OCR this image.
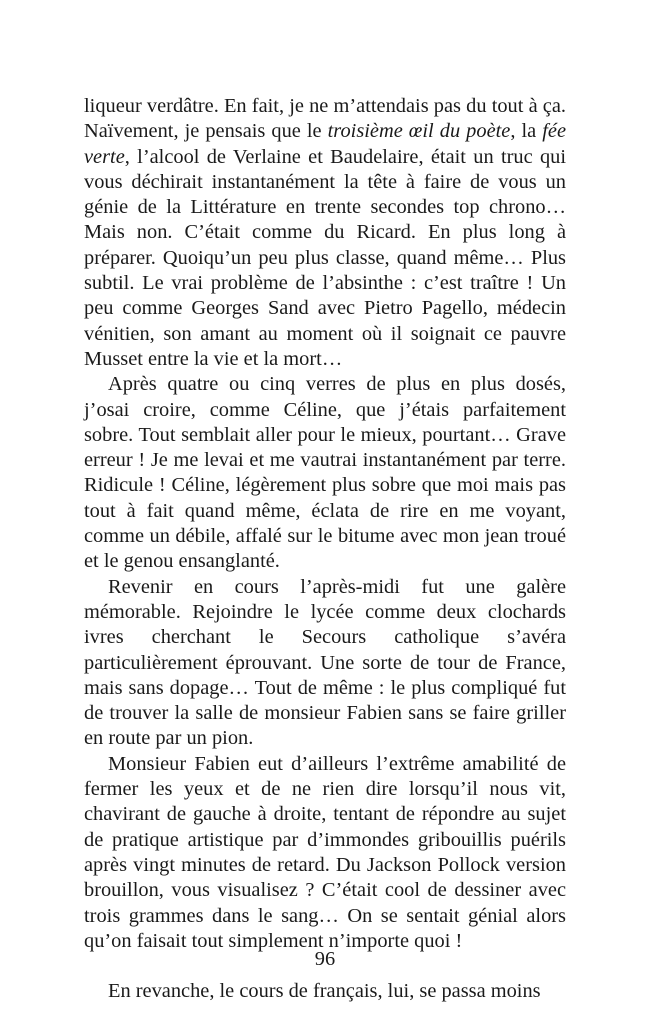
liqueur verdâtre. En fait, je ne m’attendais pas du tout à ça. Naïvement, je pensais que le troisième œil du poète, la fée verte, l’alcool de Verlaine et Baudelaire, était un truc qui vous déchirait instantanément la tête à faire de vous un génie de la Littérature en trente secondes top chrono… Mais non. C’était comme du Ricard. En plus long à préparer. Quoiqu’un peu plus classe, quand même… Plus subtil. Le vrai problème de l’absinthe : c’est traître ! Un peu comme Georges Sand avec Pietro Pagello, médecin vénitien, son amant au moment où il soignait ce pauvre Musset entre la vie et la mort…

Après quatre ou cinq verres de plus en plus dosés, j’osai croire, comme Céline, que j’étais parfaitement sobre. Tout semblait aller pour le mieux, pourtant… Grave erreur ! Je me levai et me vautrai instantanément par terre. Ridicule ! Céline, légèrement plus sobre que moi mais pas tout à fait quand même, éclata de rire en me voyant, comme un débile, affalé sur le bitume avec mon jean troué et le genou ensanglanté.

Revenir en cours l’après-midi fut une galère mémorable. Rejoindre le lycée comme deux clochards ivres cherchant le Secours catholique s’avéra particulièrement éprouvant. Une sorte de tour de France, mais sans dopage… Tout de même : le plus compliqué fut de trouver la salle de monsieur Fabien sans se faire griller en route par un pion.

Monsieur Fabien eut d’ailleurs l’extrême amabilité de fermer les yeux et de ne rien dire lorsqu’il nous vit, chavirant de gauche à droite, tentant de répondre au sujet de pratique artistique par d’immondes gribouillis puérils après vingt minutes de retard. Du Jackson Pollock version brouillon, vous visualisez ? C’était cool de dessiner avec trois grammes dans le sang… On se sentait génial alors qu’on faisait tout simplement n’importe quoi !

En revanche, le cours de français, lui, se passa moins

96
